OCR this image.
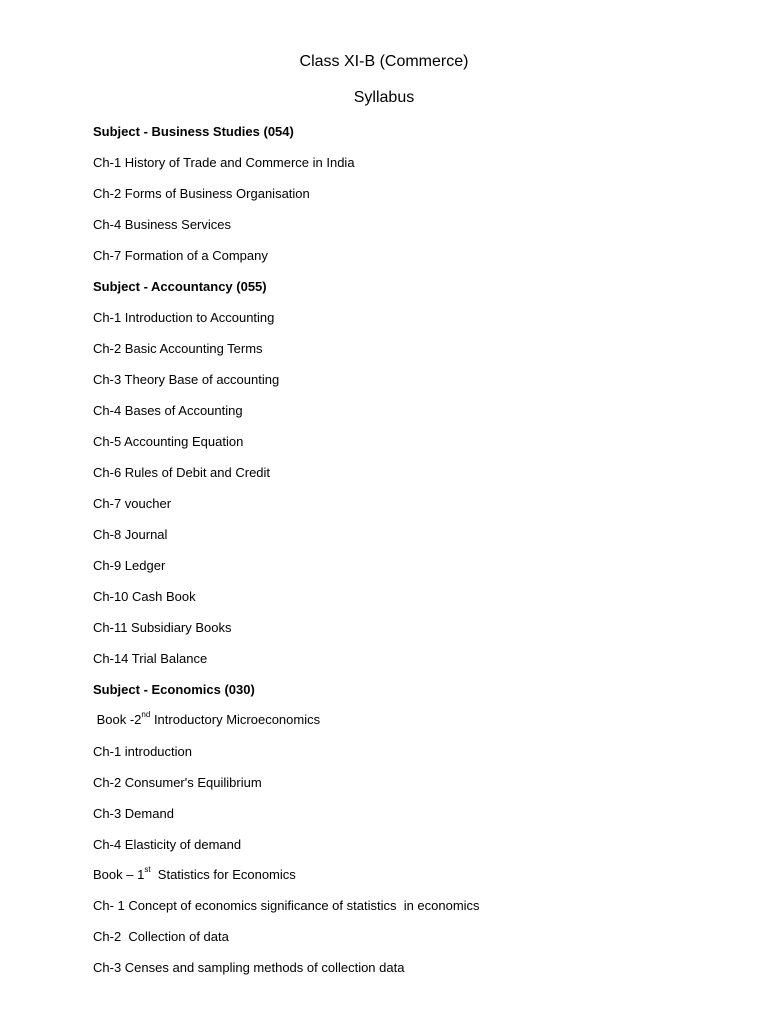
Class XI-B (Commerce)
Syllabus
Subject - Business Studies (054)
Ch-1 History of Trade and Commerce in India
Ch-2 Forms of Business Organisation
Ch-4 Business Services
Ch-7 Formation of a Company
Subject - Accountancy (055)
Ch-1 Introduction to Accounting
Ch-2 Basic Accounting Terms
Ch-3 Theory Base of accounting
Ch-4 Bases of Accounting
Ch-5 Accounting Equation
Ch-6 Rules of Debit and Credit
Ch-7 voucher
Ch-8 Journal
Ch-9 Ledger
Ch-10 Cash Book
Ch-11 Subsidiary Books
Ch-14 Trial Balance
Subject - Economics (030)
Book -2nd Introductory Microeconomics
Ch-1 introduction
Ch-2 Consumer's Equilibrium
Ch-3 Demand
Ch-4 Elasticity of demand
Book – 1st  Statistics for Economics
Ch- 1 Concept of economics significance of statistics  in economics
Ch-2  Collection of data
Ch-3 Censes and sampling methods of collection data
